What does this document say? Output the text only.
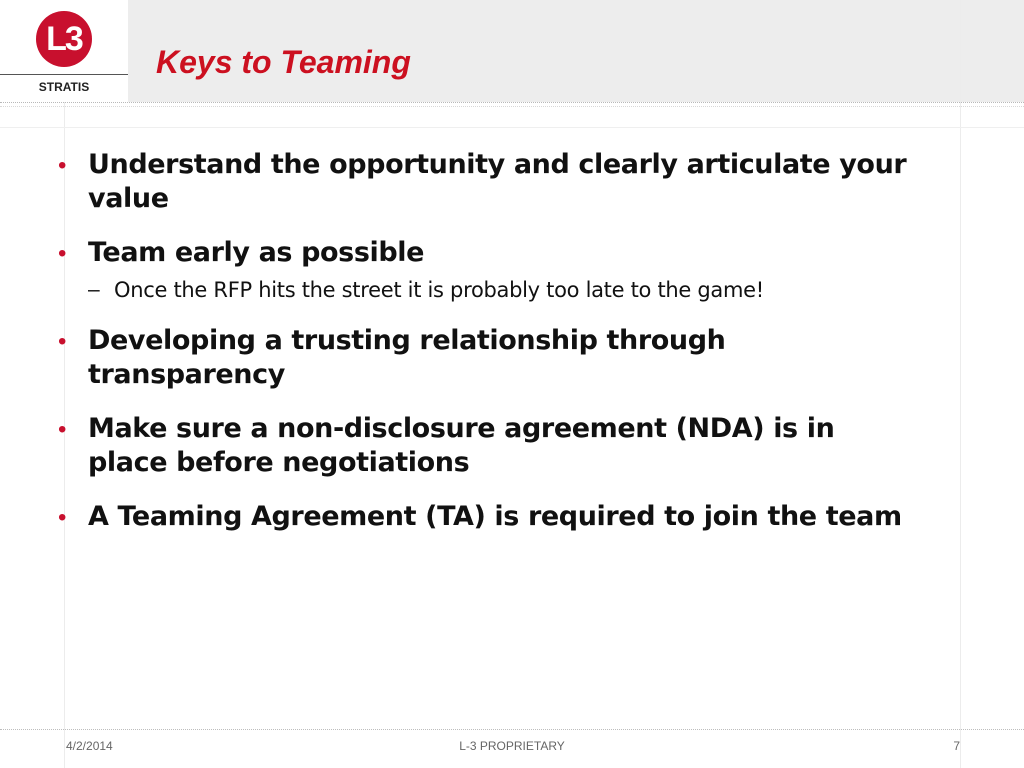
L3
STRATIS
Keys to Teaming
• Understand the opportunity and clearly articulate your value
• Team early as possible
– Once the RFP hits the street it is probably too late to the game!
• Developing a trusting relationship through transparency
• Make sure a non-disclosure agreement (NDA) is in place before negotiations
• A Teaming Agreement (TA) is required to join the team
4/2/2014	L-3 PROPRIETARY	7
